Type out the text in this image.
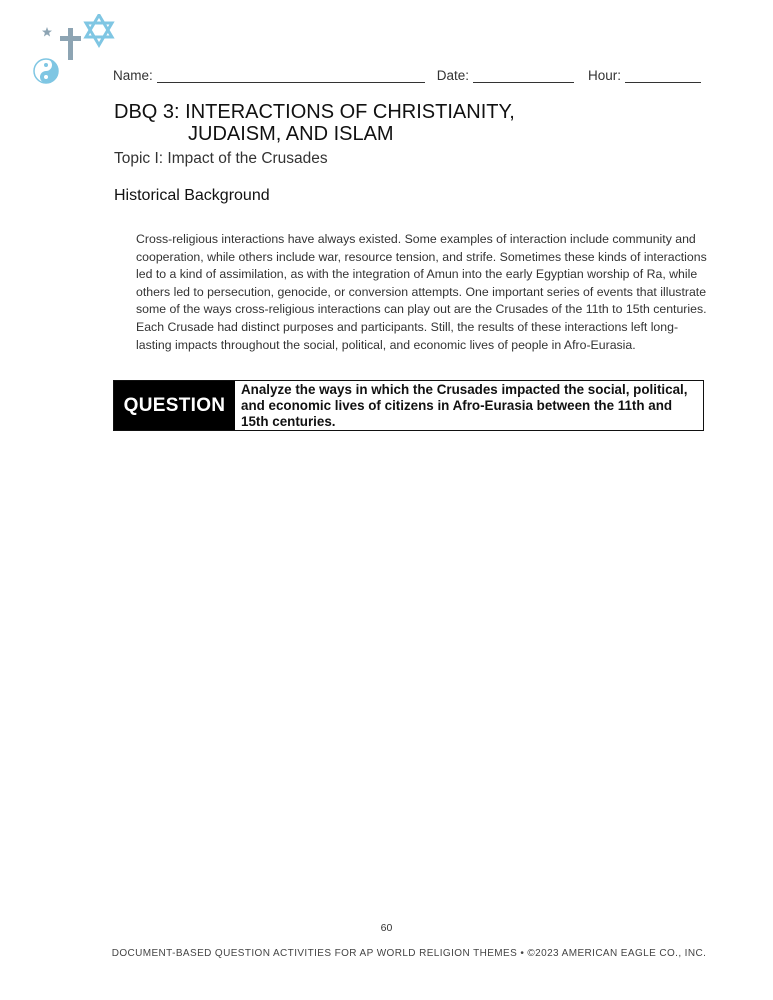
Name:	Date:	Hour:
DBQ 3: INTERACTIONS OF CHRISTIANITY,
JUDAISM, AND ISLAM
Topic I: Impact of the Crusades
Historical Background

Cross-religious interactions have always existed. Some examples of interaction include community and cooperation, while others include war, resource tension, and strife. Sometimes these kinds of interactions led to a kind of assimilation, as with the integration of Amun into the early Egyptian worship of Ra, while others led to persecution, genocide, or conversion attempts. One important series of events that illustrate some of the ways cross-religious interactions can play out are the Crusades of the 11th to 15th centuries. Each Crusade had distinct purposes and participants. Still, the results of these interactions left long-lasting impacts throughout the social, political, and economic lives of people in Afro-Eurasia.

QUESTION
Analyze the ways in which the Crusades impacted the social, political, and economic lives of citizens in Afro-Eurasia between the 11th and 15th centuries.
60
DOCUMENT-BASED QUESTION ACTIVITIES FOR AP WORLD RELIGION THEMES • ©2023 AMERICAN EAGLE CO., INC.
